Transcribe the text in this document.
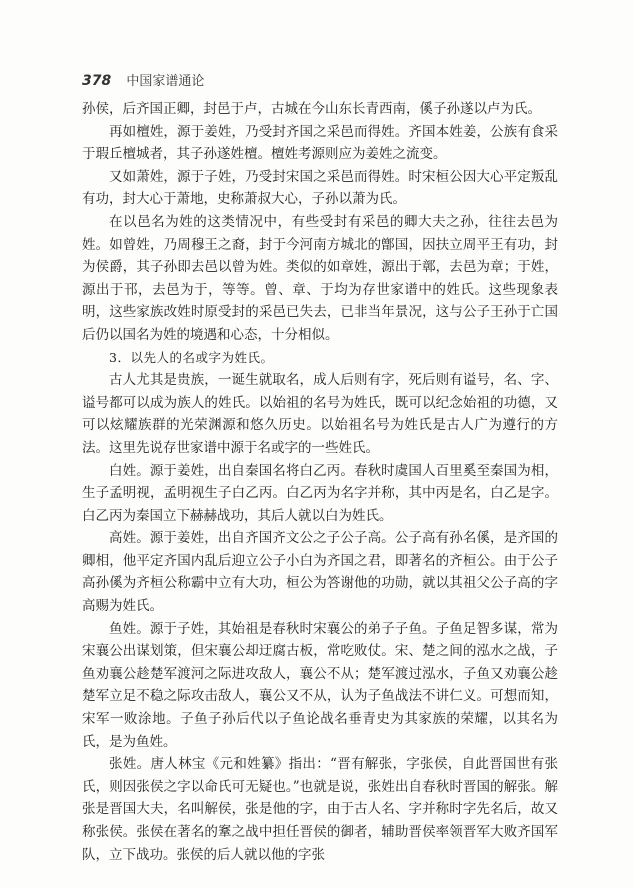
378 中国家谱通论

孙侯，后齐国正卿，封邑于卢，古城在今山东长青西南，傒子孙遂以卢为氏。

再如檀姓，源于姜姓，乃受封齐国之采邑而得姓。齐国本姓姜，公族有食采于瑕丘檀城者，其子孙遂姓檀。檀姓考源则应为姜姓之流变。

又如萧姓，源于子姓，乃受封宋国之采邑而得姓。时宋桓公因大心平定叛乱有功，封大心于萧地，史称萧叔大心，子孙以萧为氏。

在以邑名为姓的这类情况中，有些受封有采邑的卿大夫之孙，往往去邑为姓。如曾姓，乃周穆王之裔，封于今河南方城北的鄫国，因扶立周平王有功，封为侯爵，其子孙即去邑以曾为姓。类似的如章姓，源出于鄣，去邑为章；于姓，源出于邗，去邑为于，等等。曾、章、于均为存世家谱中的姓氏。这些现象表明，这些家族改姓时原受封的采邑已失去，已非当年景况，这与公子王孙于亡国后仍以国名为姓的境遇和心态，十分相似。

3．以先人的名或字为姓氏。

古人尤其是贵族，一诞生就取名，成人后则有字，死后则有谥号，名、字、谥号都可以成为族人的姓氏。以始祖的名号为姓氏，既可以纪念始祖的功德，又可以炫耀族群的光荣渊源和悠久历史。以始祖名号为姓氏是古人广为遵行的方法。这里先说存世家谱中源于名或字的一些姓氏。

白姓。源于姜姓，出自秦国名将白乙丙。春秋时虞国人百里奚至秦国为相，生子孟明视，孟明视生子白乙丙。白乙丙为名字并称，其中丙是名，白乙是字。白乙丙为秦国立下赫赫战功，其后人就以白为姓氏。

高姓。源于姜姓，出自齐国齐文公之子公子高。公子高有孙名傒，是齐国的卿相，他平定齐国内乱后迎立公子小白为齐国之君，即著名的齐桓公。由于公子高孙傒为齐桓公称霸中立有大功，桓公为答谢他的功勋，就以其祖父公子高的字高赐为姓氏。

鱼姓。源于子姓，其始祖是春秋时宋襄公的弟子子鱼。子鱼足智多谋，常为宋襄公出谋划策，但宋襄公却迂腐古板，常吃败仗。宋、楚之间的泓水之战，子鱼劝襄公趁楚军渡河之际进攻敌人，襄公不从；楚军渡过泓水，子鱼又劝襄公趁楚军立足不稳之际攻击敌人，襄公又不从，认为子鱼战法不讲仁义。可想而知，宋军一败涂地。子鱼子孙后代以子鱼论战名垂青史为其家族的荣耀，以其名为氏，是为鱼姓。

张姓。唐人林宝《元和姓纂》指出：“晋有解张，字张侯，自此晋国世有张氏，则因张侯之字以命氏可无疑也。”也就是说，张姓出自春秋时晋国的解张。解张是晋国大夫，名叫解侯，张是他的字，由于古人名、字并称时字先名后，故又称张侯。张侯在著名的鞌之战中担任晋侯的御者，辅助晋侯率领晋军大败齐国军队，立下战功。张侯的后人就以他的字张
